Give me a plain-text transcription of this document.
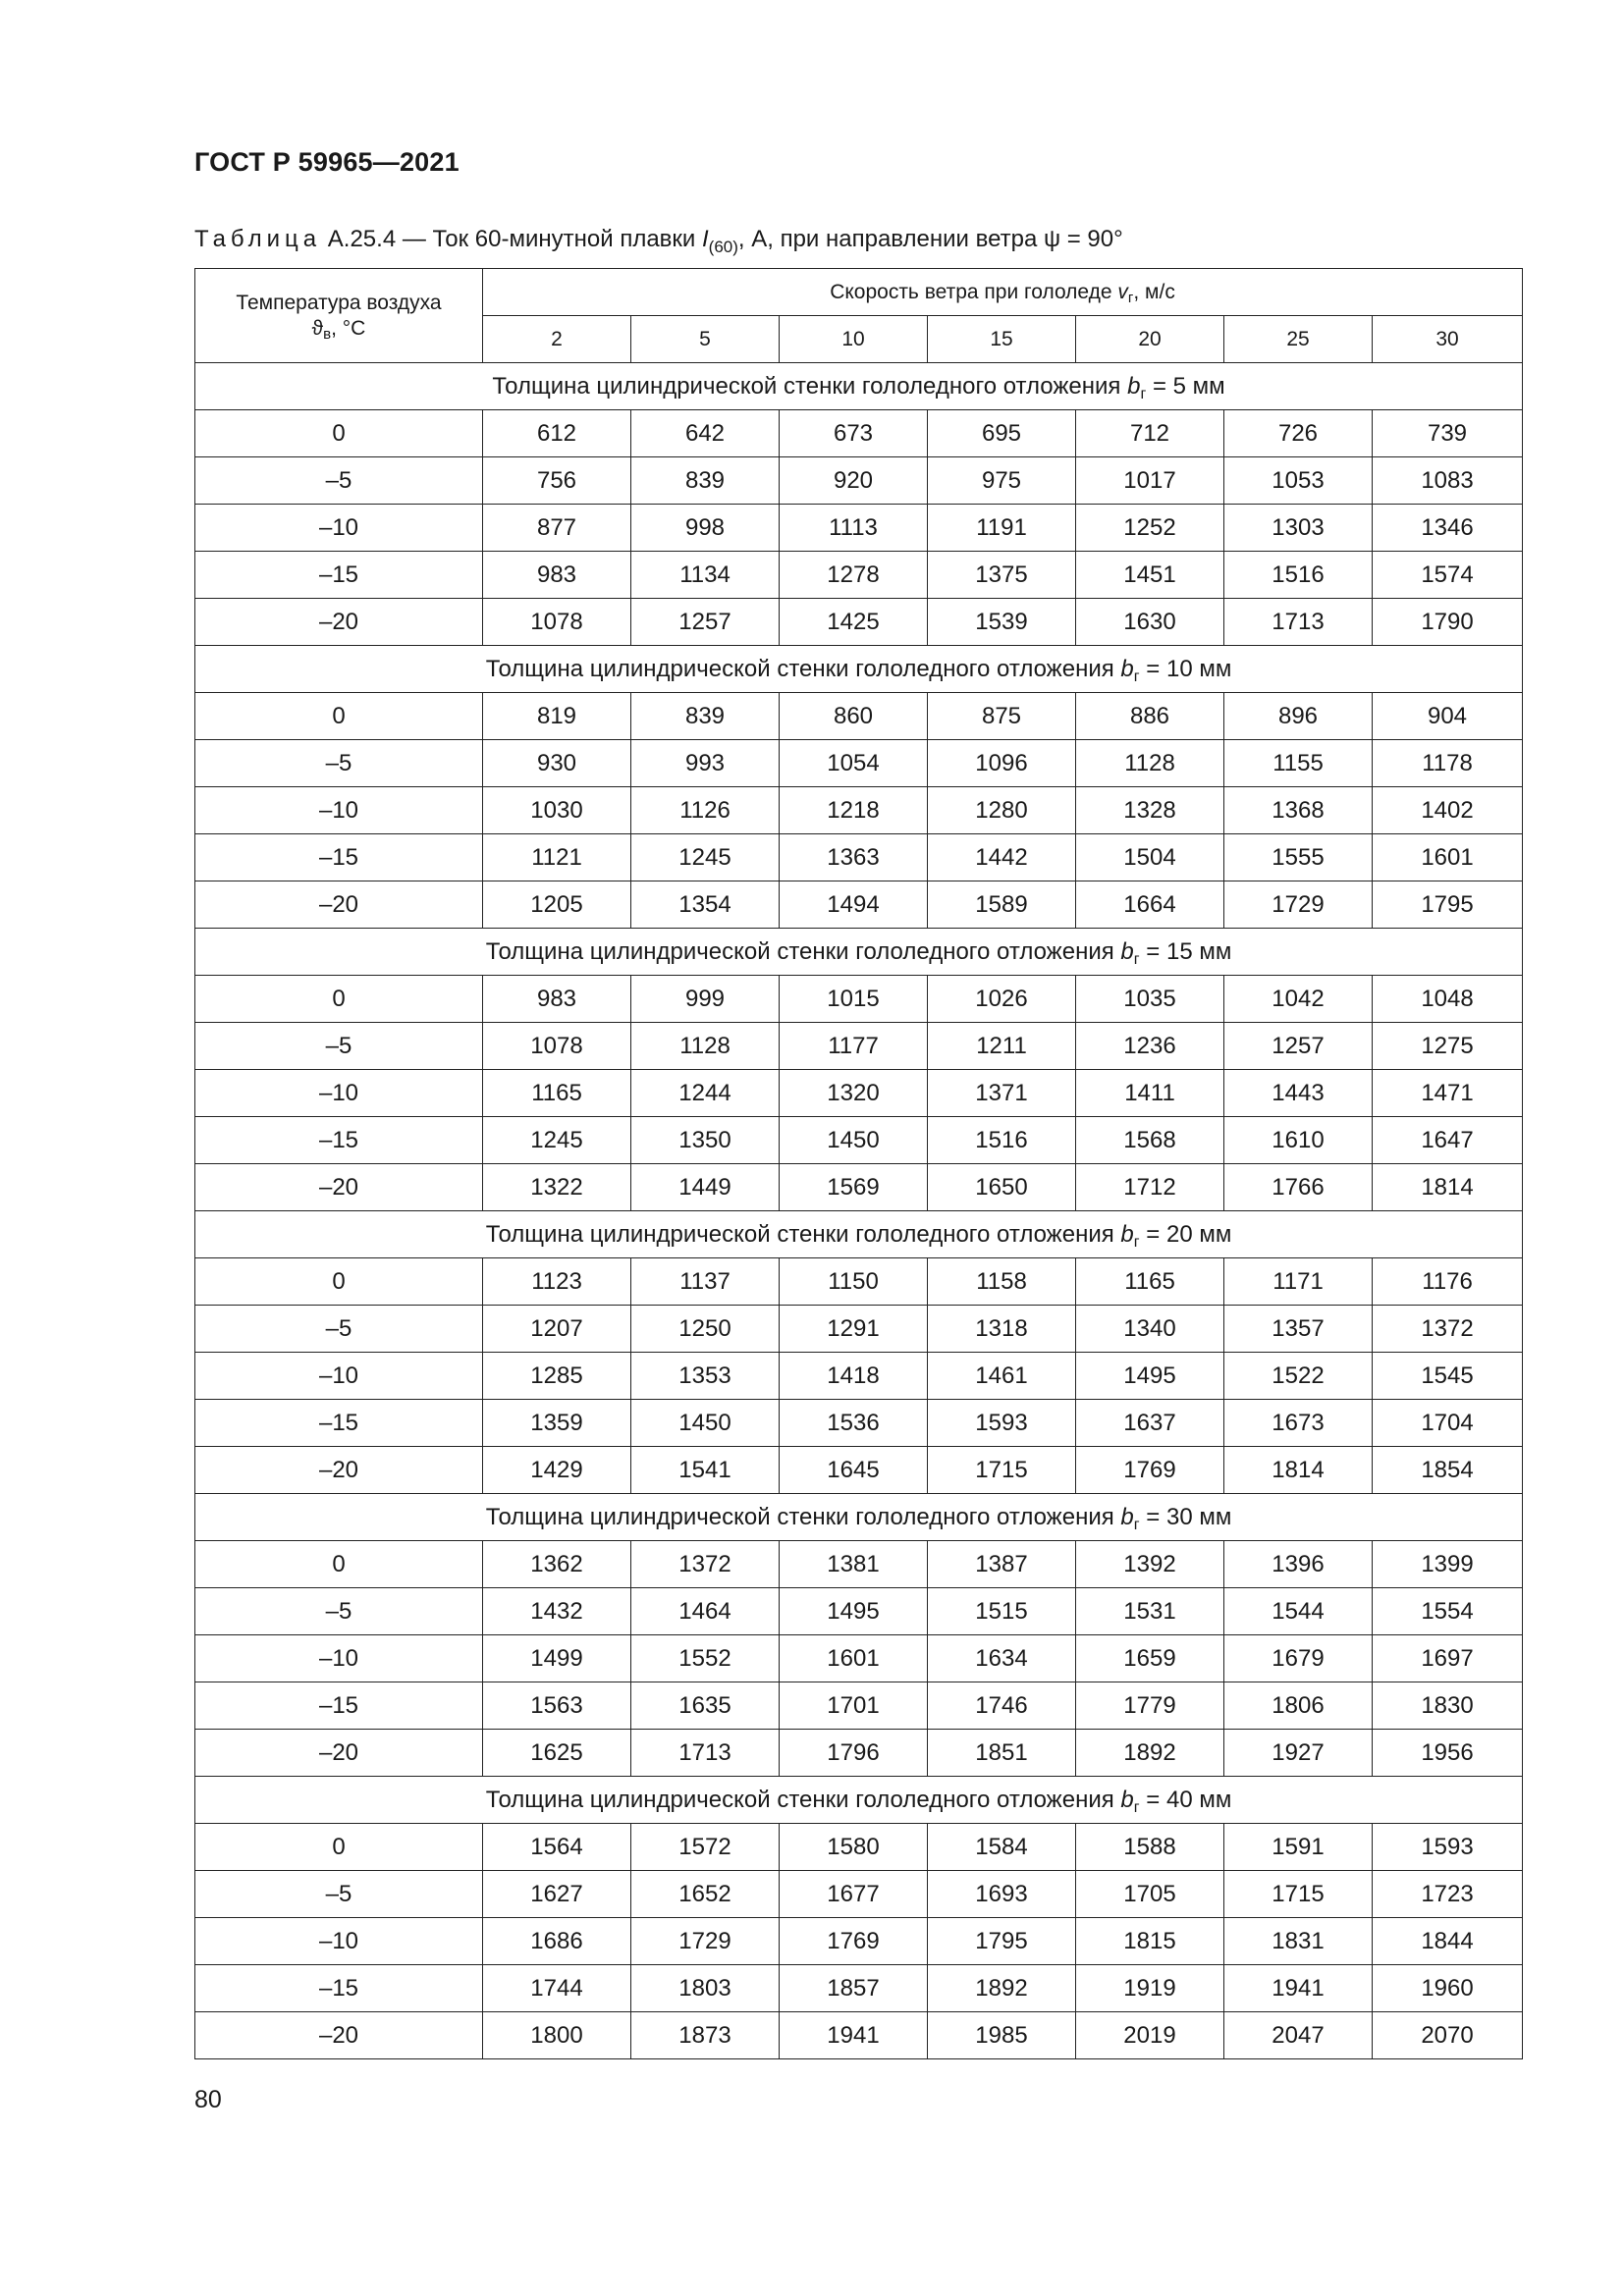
ГОСТ Р 59965—2021
Таблица А.25.4 — Ток 60-минутной плавки $I_{(60)}$, А, при направлении ветра ψ = 90°
Температура воздуха
$ϑ_в$, °С	Скорость ветра при гололеде $v_г$, м/с						
	2	5	10	15	20	25	30
Толщина цилиндрической стенки гололедного отложения $b_г = 5$ мм							
0	612	642	673	695	712	726	739
–5	756	839	920	975	1017	1053	1083
–10	877	998	1113	1191	1252	1303	1346
–15	983	1134	1278	1375	1451	1516	1574
–20	1078	1257	1425	1539	1630	1713	1790
Толщина цилиндрической стенки гололедного отложения $b_г = 10$ мм							
0	819	839	860	875	886	896	904
–5	930	993	1054	1096	1128	1155	1178
–10	1030	1126	1218	1280	1328	1368	1402
–15	1121	1245	1363	1442	1504	1555	1601
–20	1205	1354	1494	1589	1664	1729	1795
Толщина цилиндрической стенки гололедного отложения $b_г = 15$ мм							
0	983	999	1015	1026	1035	1042	1048
–5	1078	1128	1177	1211	1236	1257	1275
–10	1165	1244	1320	1371	1411	1443	1471
–15	1245	1350	1450	1516	1568	1610	1647
–20	1322	1449	1569	1650	1712	1766	1814
Толщина цилиндрической стенки гололедного отложения $b_г = 20$ мм							
0	1123	1137	1150	1158	1165	1171	1176
–5	1207	1250	1291	1318	1340	1357	1372
–10	1285	1353	1418	1461	1495	1522	1545
–15	1359	1450	1536	1593	1637	1673	1704
–20	1429	1541	1645	1715	1769	1814	1854
Толщина цилиндрической стенки гололедного отложения $b_г = 30$ мм							
0	1362	1372	1381	1387	1392	1396	1399
–5	1432	1464	1495	1515	1531	1544	1554
–10	1499	1552	1601	1634	1659	1679	1697
–15	1563	1635	1701	1746	1779	1806	1830
–20	1625	1713	1796	1851	1892	1927	1956
Толщина цилиндрической стенки гололедного отложения $b_г = 40$ мм							
0	1564	1572	1580	1584	1588	1591	1593
–5	1627	1652	1677	1693	1705	1715	1723
–10	1686	1729	1769	1795	1815	1831	1844
–15	1744	1803	1857	1892	1919	1941	1960
–20	1800	1873	1941	1985	2019	2047	2070
80
